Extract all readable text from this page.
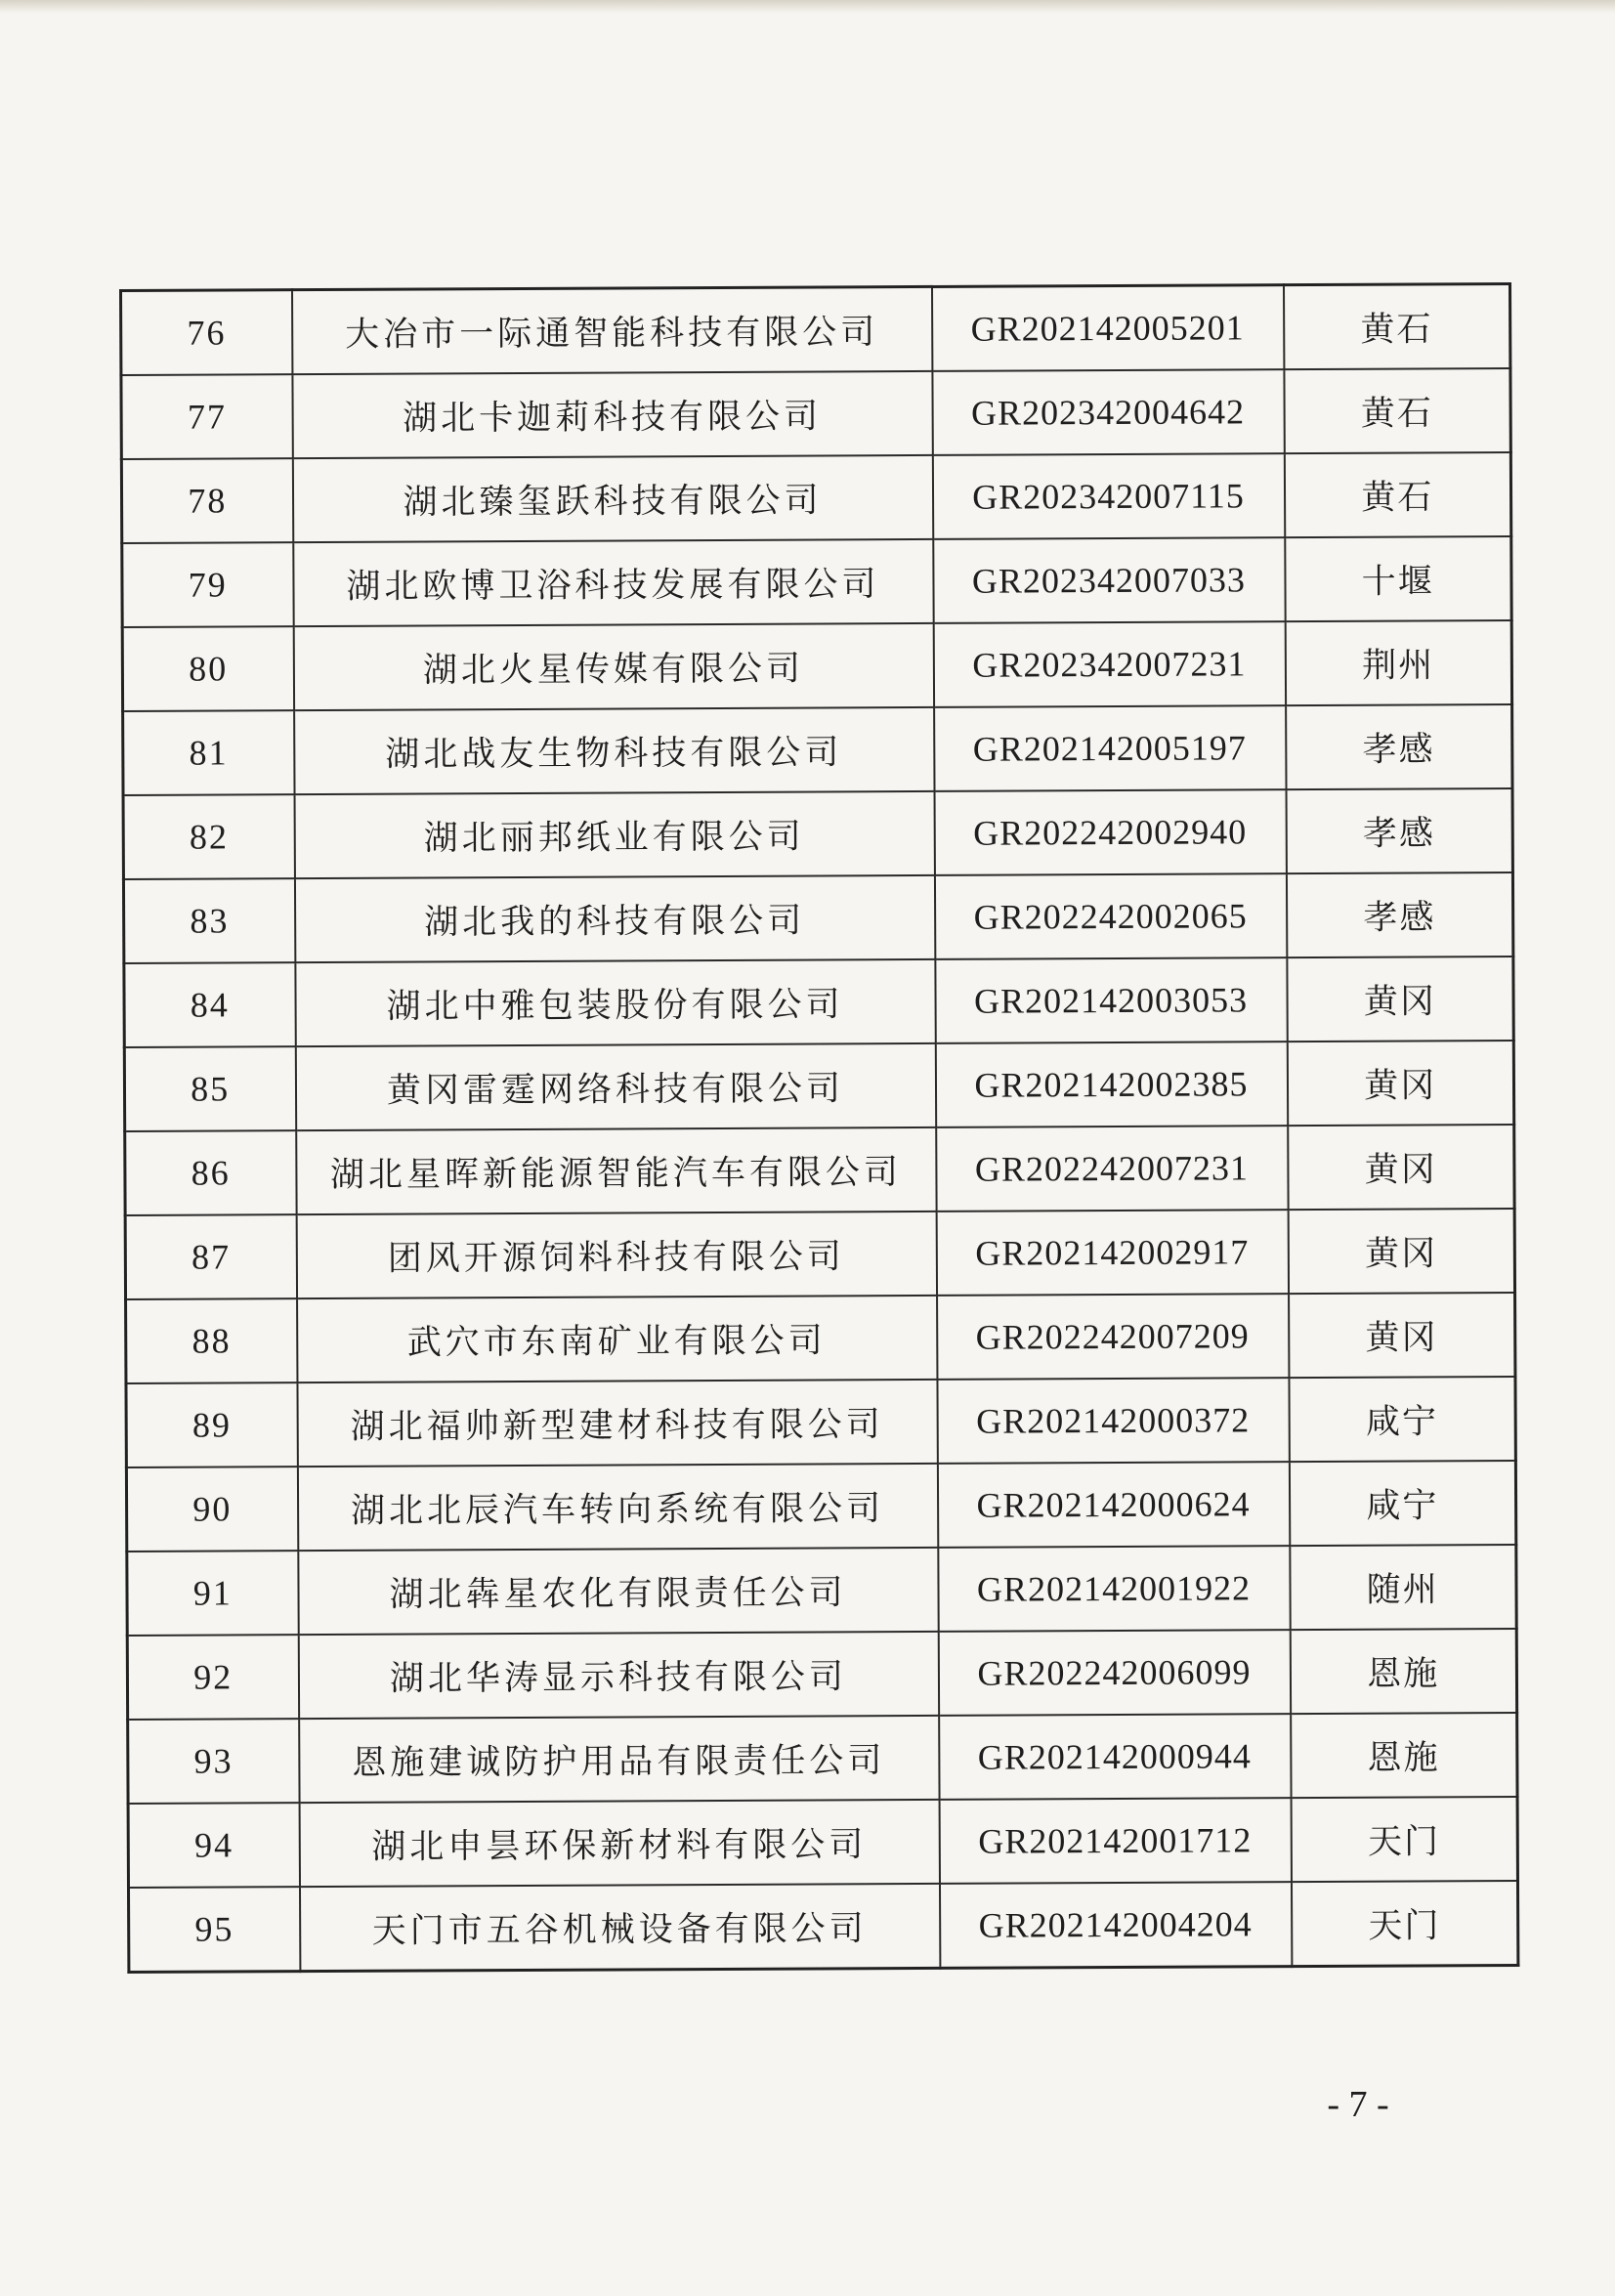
76	大冶市一际通智能科技有限公司	GR202142005201	黄石
77	湖北卡迦莉科技有限公司	GR202342004642	黄石
78	湖北臻玺跃科技有限公司	GR202342007115	黄石
79	湖北欧博卫浴科技发展有限公司	GR202342007033	十堰
80	湖北火星传媒有限公司	GR202342007231	荆州
81	湖北战友生物科技有限公司	GR202142005197	孝感
82	湖北丽邦纸业有限公司	GR202242002940	孝感
83	湖北我的科技有限公司	GR202242002065	孝感
84	湖北中雅包装股份有限公司	GR202142003053	黄冈
85	黄冈雷霆网络科技有限公司	GR202142002385	黄冈
86	湖北星晖新能源智能汽车有限公司	GR202242007231	黄冈
87	团风开源饲料科技有限公司	GR202142002917	黄冈
88	武穴市东南矿业有限公司	GR202242007209	黄冈
89	湖北福帅新型建材科技有限公司	GR202142000372	咸宁
90	湖北北辰汽车转向系统有限公司	GR202142000624	咸宁
91	湖北犇星农化有限责任公司	GR202142001922	随州
92	湖北华涛显示科技有限公司	GR202242006099	恩施
93	恩施建诚防护用品有限责任公司	GR202142000944	恩施
94	湖北申昙环保新材料有限公司	GR202142001712	天门
95	天门市五谷机械设备有限公司	GR202142004204	天门
- 7 -
